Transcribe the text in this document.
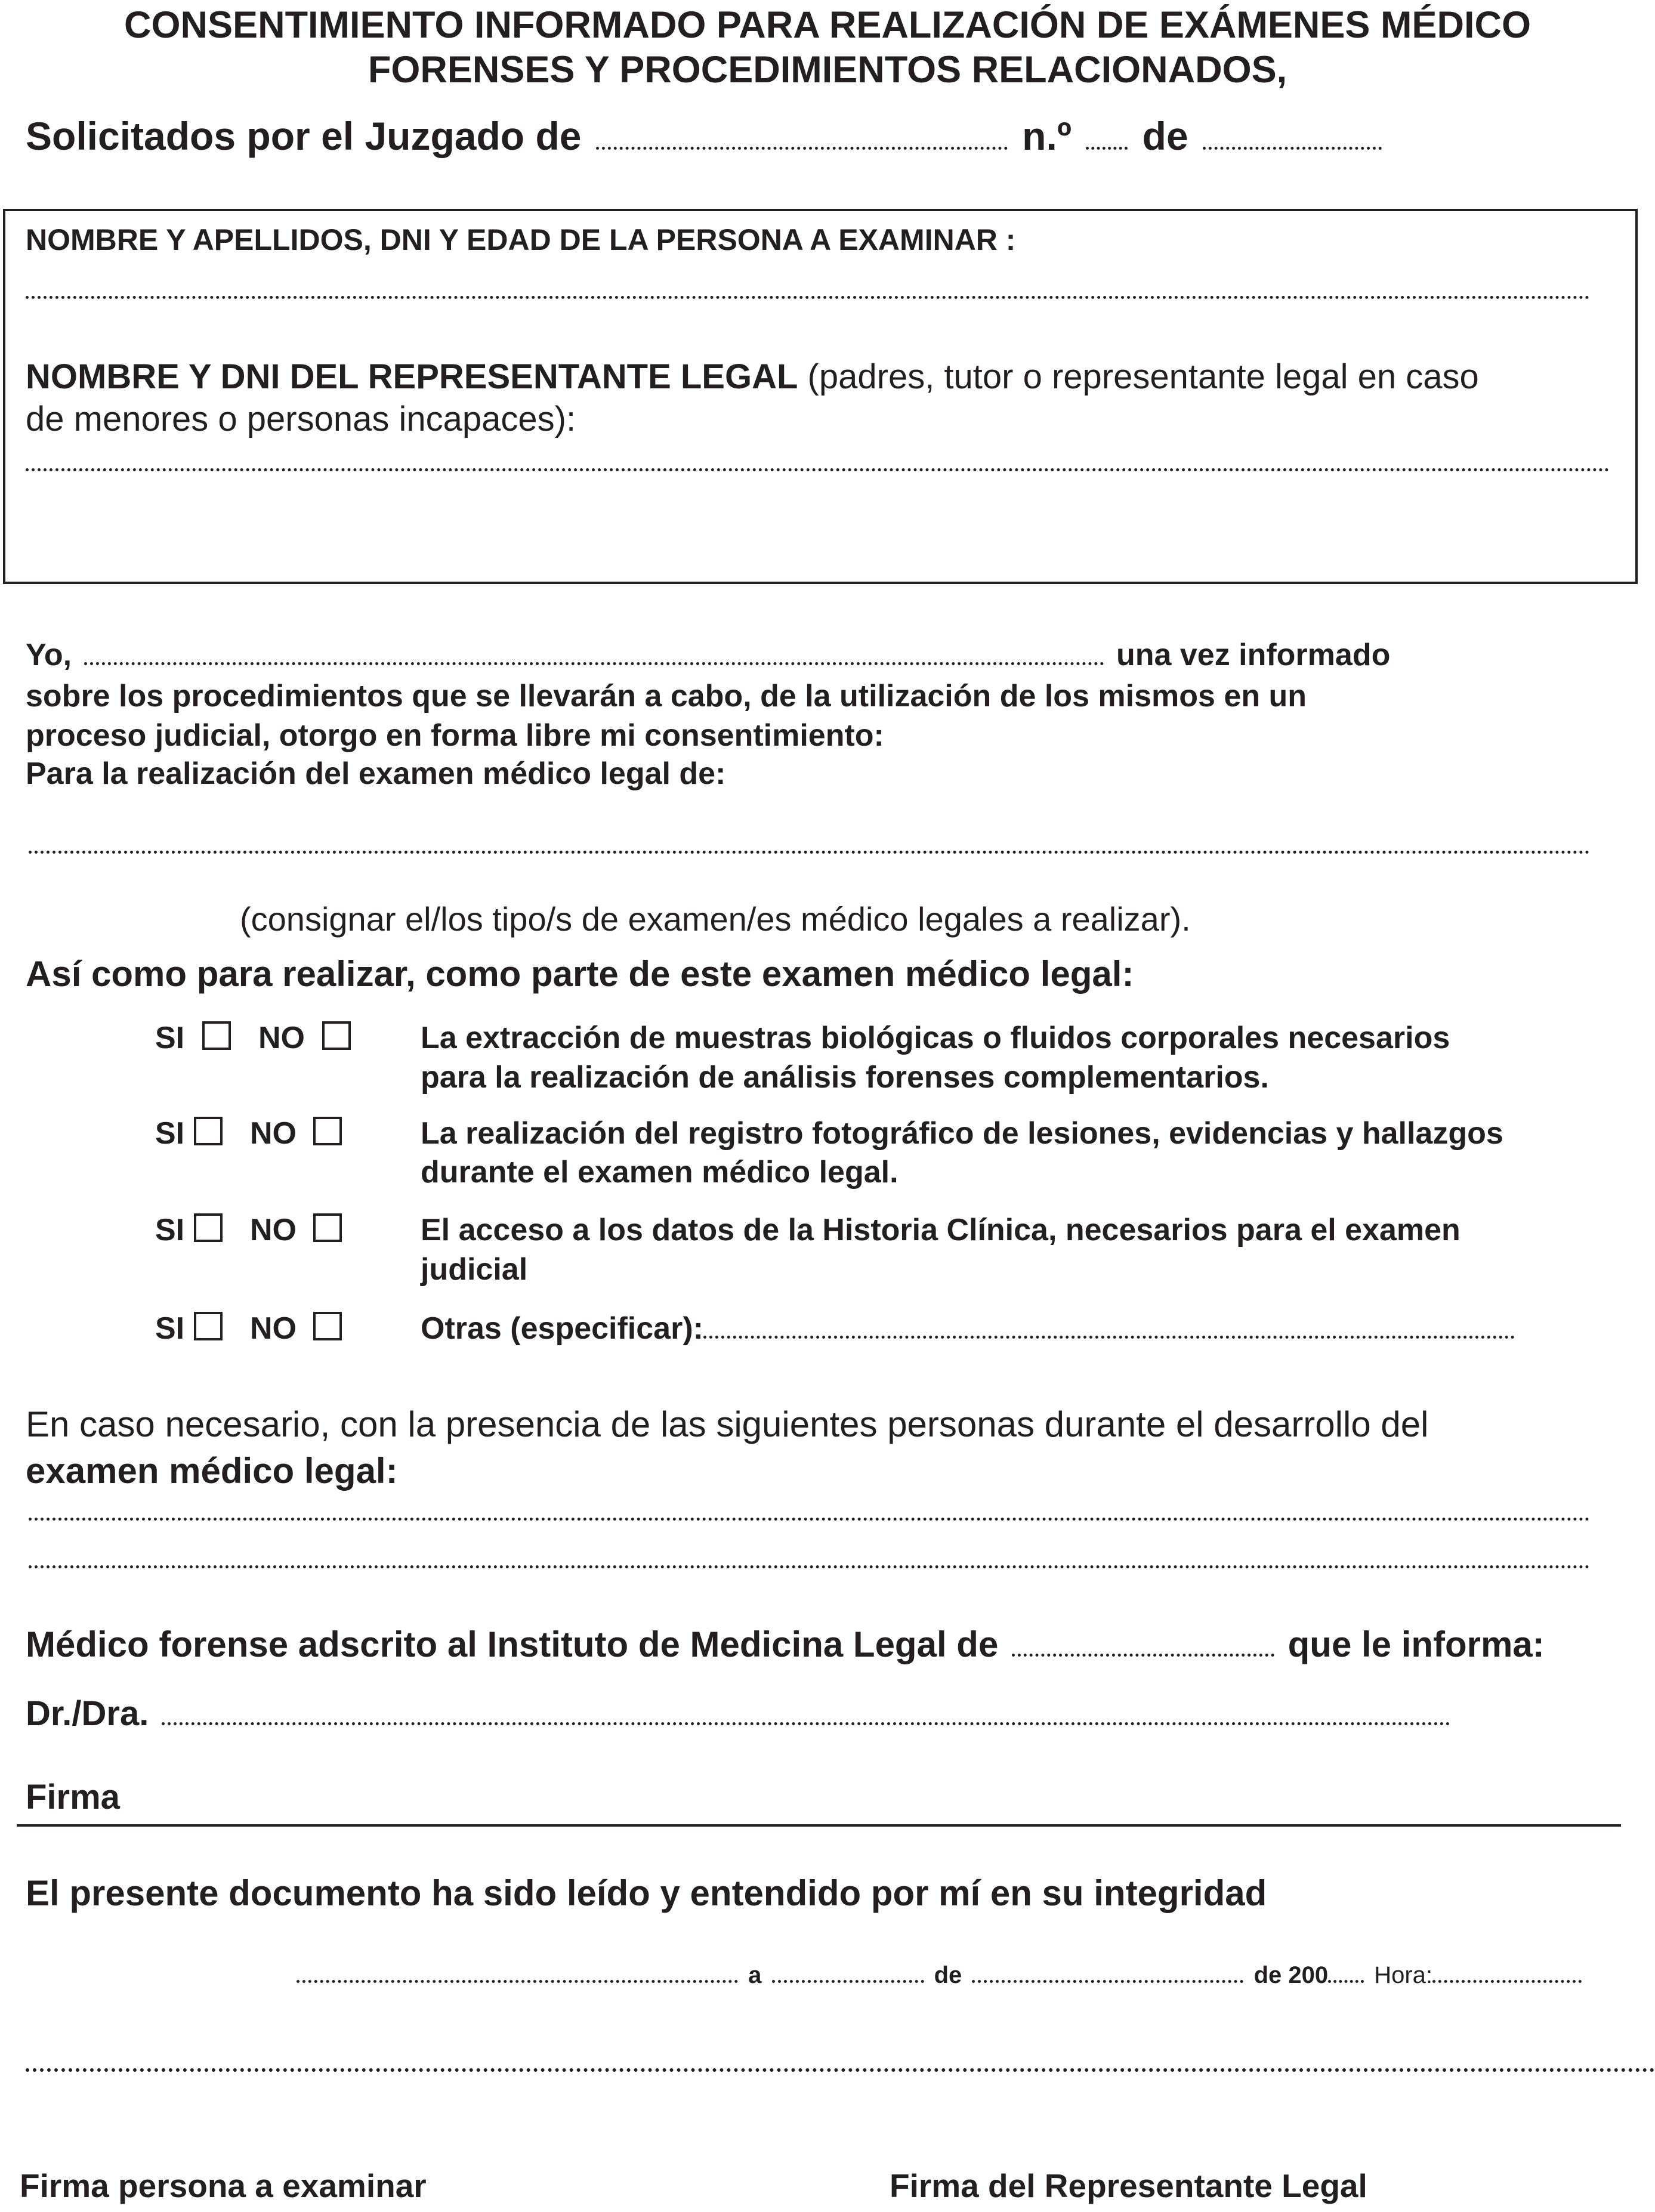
CONSENTIMIENTO INFORMADO PARA REALIZACIÓN DE EXÁMENES MÉDICO
FORENSES Y PROCEDIMIENTOS RELACIONADOS,
Solicitados por el Juzgado de	n.º de
NOMBRE Y APELLIDOS, DNI Y EDAD DE LA PERSONA A EXAMINAR :
NOMBRE Y DNI DEL REPRESENTANTE LEGAL (padres, tutor o representante legal en caso
de menores o personas incapaces):
Yo,	una vez informado
sobre los procedimientos que se llevarán a cabo, de la utilización de los mismos en un
proceso judicial, otorgo en forma libre mi consentimiento:
Para la realización del examen médico legal de:
(consignar el/los tipo/s de examen/es médico legales a realizar).
Así como para realizar, como parte de este examen médico legal:
SI NO	La extracción de muestras biológicas o fluidos corporales necesarios
para la realización de análisis forenses complementarios.
SI NO	La realización del registro fotográfico de lesiones, evidencias y hallazgos
durante el examen médico legal.
SI NO	El acceso a los datos de la Historia Clínica, necesarios para el examen
judicial
SI NO	Otras (especificar):
En caso necesario, con la presencia de las siguientes personas durante el desarrollo del
examen médico legal:
Médico forense adscrito al Instituto de Medicina Legal de	que le informa:
Dr./Dra.
Firma
El presente documento ha sido leído y entendido por mí en su integridad
a	de	de 200 Hora:
Firma persona a examinar	Firma del Representante Legal
